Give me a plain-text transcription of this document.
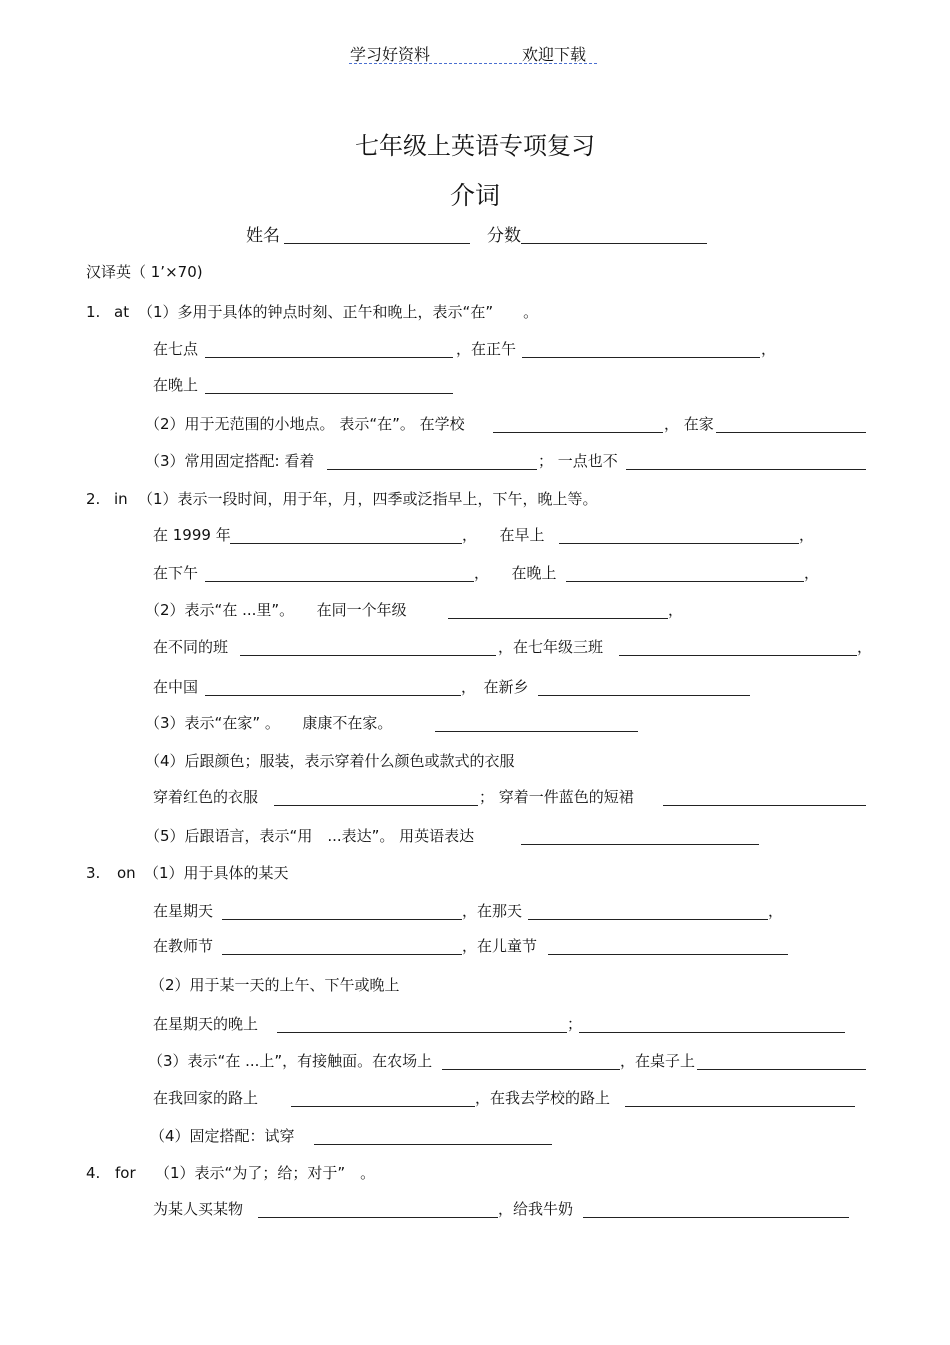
学习好资料	欢迎下载
七年级上英语专项复习
介词
姓名	分数
汉译英（ 1’×70)
1. at （1）多用于具体的钟点时刻、正午和晚上，表示“在”　　。
在七点	，在正午	，
在晚上
（2）用于无范围的小地点。 表示“在”。 在学校	， 在家
（3）常用固定搭配: 看着	； 一点也不
2. in （1）表示一段时间，用于年，月，四季或泛指早上，下午，晚上等。
在 1999 年	，　　在早上	，
在下午	，　　在晚上	，
（2）表示“在 ...里”。　　在同一个年级	，
在不同的班	，在七年级三班	，
在中国	，　在新乡
（3）表示“在家” 。　　康康不在家。
（4）后跟颜色；服装，表示穿着什么颜色或款式的衣服
穿着红色的衣服	； 穿着一件蓝色的短裙
（5）后跟语言，表示“用　...表达”。 用英语表达
3. on （1）用于具体的某天
在星期天	，在那天	，
在教师节	，在儿童节
（2）用于某一天的上午、下午或晚上
在星期天的晚上	；
（3）表示“在 ...上”，有接触面。在农场上	，在桌子上
在我回家的路上	，在我去学校的路上
（4）固定搭配：试穿
4. for （1）表示“为了；给；对于”　。
为某人买某物	，给我牛奶
